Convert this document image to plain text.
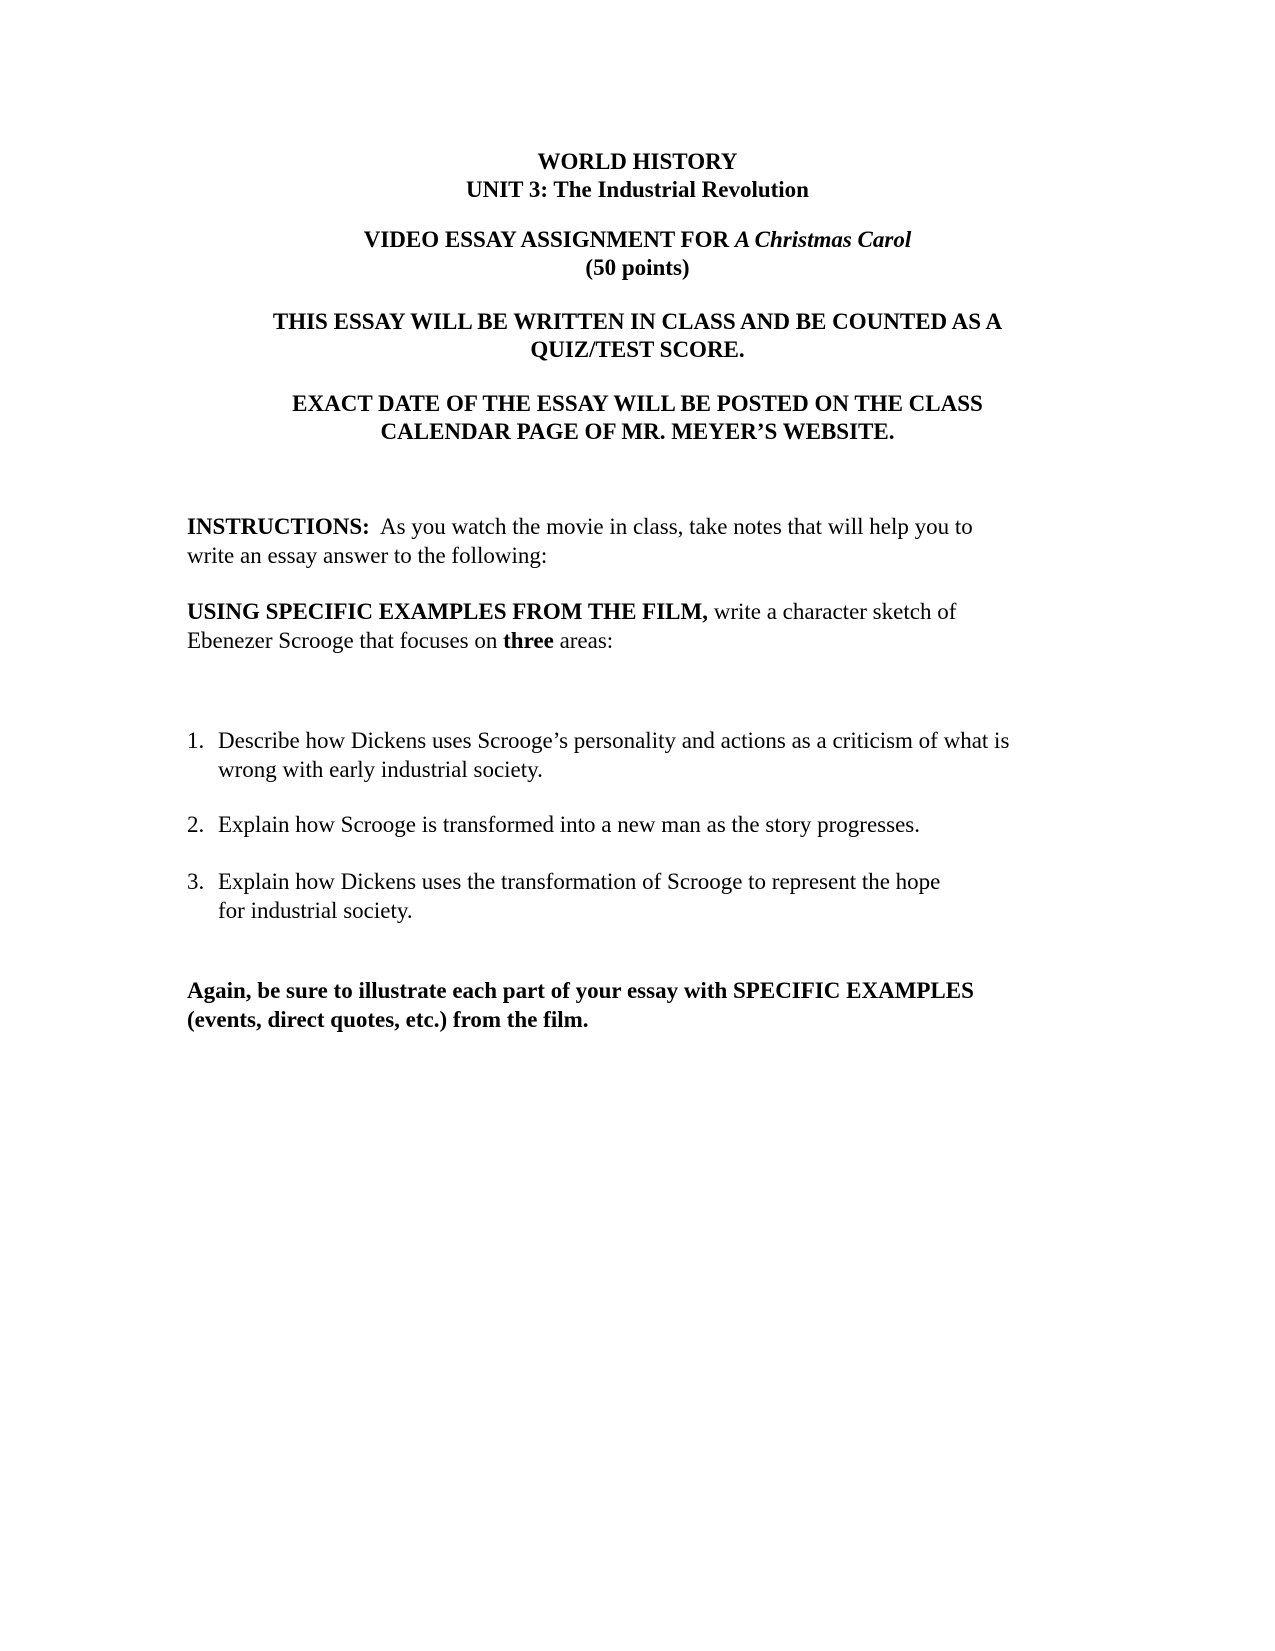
WORLD HISTORY
UNIT 3: The Industrial Revolution
VIDEO ESSAY ASSIGNMENT FOR A Christmas Carol
(50 points)
THIS ESSAY WILL BE WRITTEN IN CLASS AND BE COUNTED AS A
QUIZ/TEST SCORE.
EXACT DATE OF THE ESSAY WILL BE POSTED ON THE CLASS
CALENDAR PAGE OF MR. MEYER’S WEBSITE.
INSTRUCTIONS: As you watch the movie in class, take notes that will help you to
write an essay answer to the following:
USING SPECIFIC EXAMPLES FROM THE FILM, write a character sketch of
Ebenezer Scrooge that focuses on three areas:
1. Describe how Dickens uses Scrooge’s personality and actions as a criticism of what is
wrong with early industrial society.
2. Explain how Scrooge is transformed into a new man as the story progresses.
3. Explain how Dickens uses the transformation of Scrooge to represent the hope
for industrial society.
Again, be sure to illustrate each part of your essay with SPECIFIC EXAMPLES
(events, direct quotes, etc.) from the film.
